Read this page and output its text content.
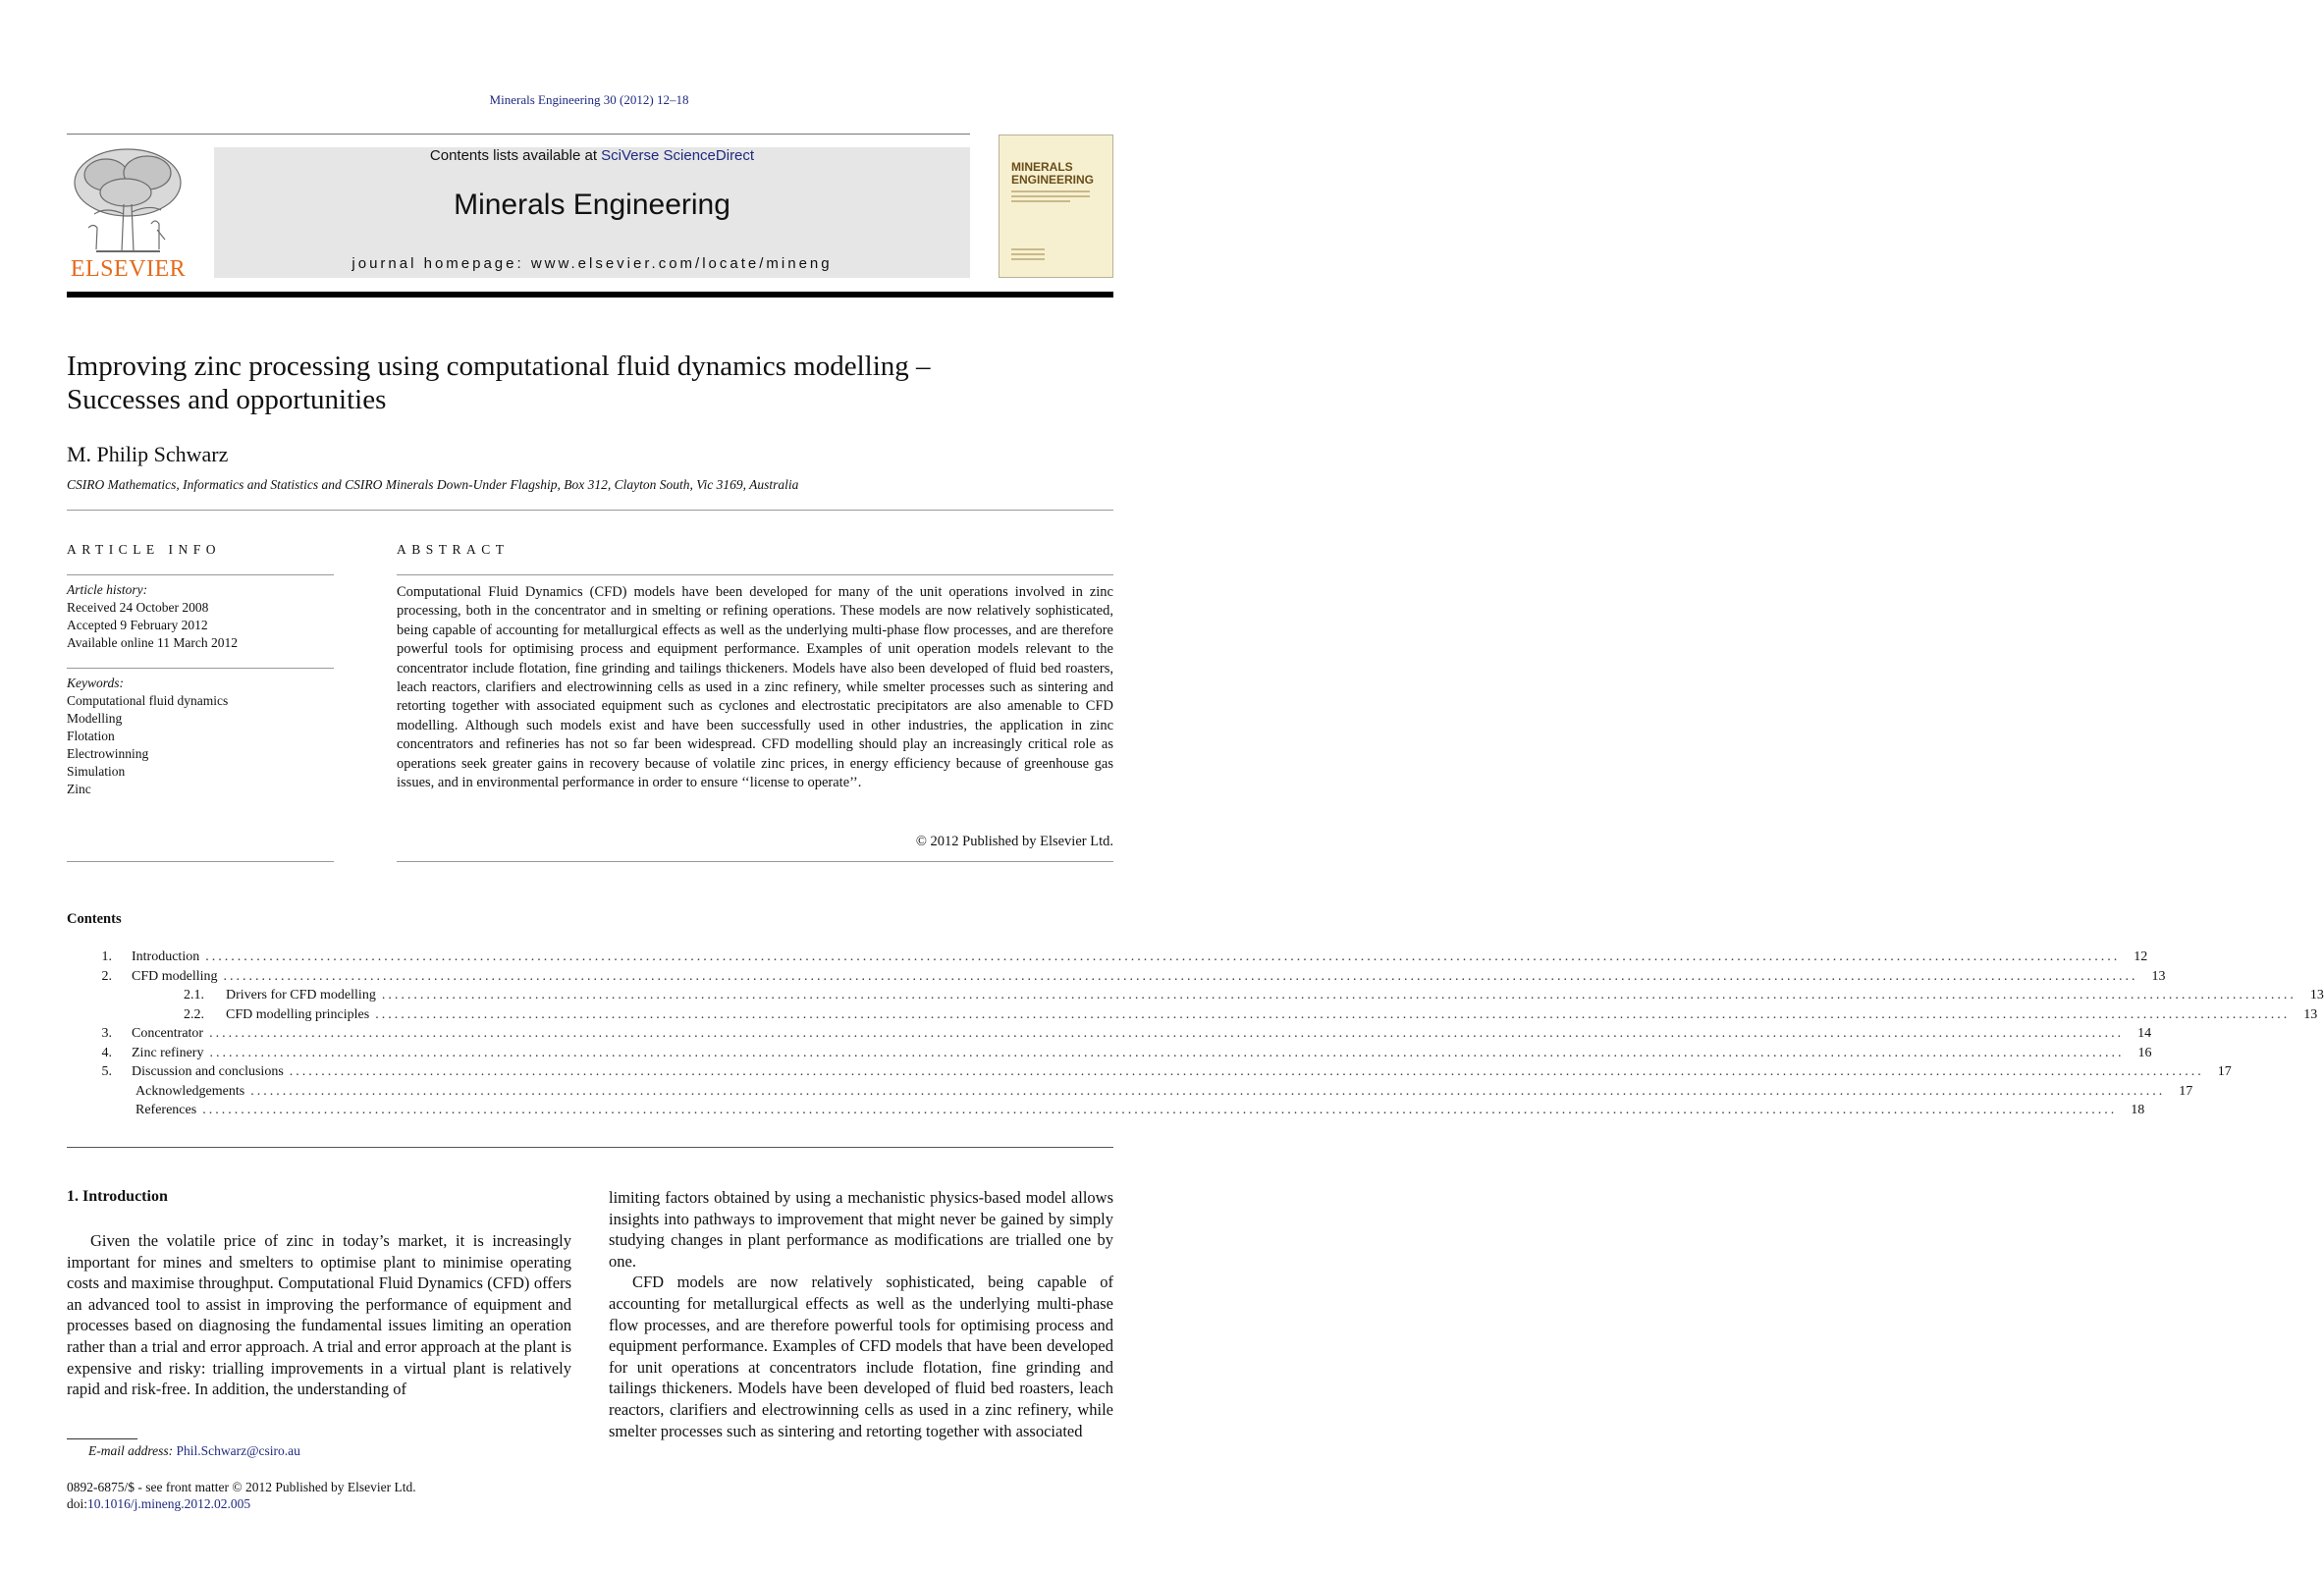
Minerals Engineering 30 (2012) 12–18
ELSEVIER
Contents lists available at SciVerse ScienceDirect
Minerals Engineering
journal homepage: www.elsevier.com/locate/mineng
MINERALS ENGINEERING
Improving zinc processing using computational fluid dynamics modelling –
Successes and opportunities
M. Philip Schwarz
CSIRO Mathematics, Informatics and Statistics and CSIRO Minerals Down-Under Flagship, Box 312, Clayton South, Vic 3169, Australia
ARTICLE INFO
Article history:
Received 24 October 2008
Accepted 9 February 2012
Available online 11 March 2012
Keywords:
Computational fluid dynamics
Modelling
Flotation
Electrowinning
Simulation
Zinc
ABSTRACT
Computational Fluid Dynamics (CFD) models have been developed for many of the unit operations involved in zinc processing, both in the concentrator and in smelting or refining operations. These models are now relatively sophisticated, being capable of accounting for metallurgical effects as well as the underlying multi-phase flow processes, and are therefore powerful tools for optimising process and equipment performance. Examples of unit operation models relevant to the concentrator include flotation, fine grinding and tailings thickeners. Models have also been developed of fluid bed roasters, leach reactors, clarifiers and electrowinning cells as used in a zinc refinery, while smelter processes such as sintering and retorting together with associated equipment such as cyclones and electrostatic precipitators are also amenable to CFD modelling. Although such models exist and have been successfully used in other industries, the application in zinc concentrators and refineries has not so far been widespread. CFD modelling should play an increasingly critical role as operations seek greater gains in recovery because of volatile zinc prices, in energy efficiency because of greenhouse gas issues, and in environmental performance in order to ensure ‘‘license to operate’’.
© 2012 Published by Elsevier Ltd.
Contents
1.	Introduction ............................................................................................................................................................................................................................................................................................................	12
2.	CFD modelling ............................................................................................................................................................................................................................................................................................................	13
2.1.	Drivers for CFD modelling ............................................................................................................................................................................................................................................................................................................	13
2.2.	CFD modelling principles ............................................................................................................................................................................................................................................................................................................	13
3.	Concentrator ............................................................................................................................................................................................................................................................................................................	14
4.	Zinc refinery ............................................................................................................................................................................................................................................................................................................	16
5.	Discussion and conclusions ............................................................................................................................................................................................................................................................................................................	17
Acknowledgements ............................................................................................................................................................................................................................................................................................................	17
References ............................................................................................................................................................................................................................................................................................................	18
1. Introduction

Given the volatile price of zinc in today’s market, it is increasingly important for mines and smelters to optimise plant to minimise operating costs and maximise throughput. Computational Fluid Dynamics (CFD) offers an advanced tool to assist in improving the performance of equipment and processes based on diagnosing the fundamental issues limiting an operation rather than a trial and error approach. A trial and error approach at the plant is expensive and risky: trialling improvements in a virtual plant is relatively rapid and risk-free. In addition, the understanding of

limiting factors obtained by using a mechanistic physics-based model allows insights into pathways to improvement that might never be gained by simply studying changes in plant performance as modifications are trialled one by one.

CFD models are now relatively sophisticated, being capable of accounting for metallurgical effects as well as the underlying multi-phase flow processes, and are therefore powerful tools for optimising process and equipment performance. Examples of CFD models that have been developed for unit operations at concentrators include flotation, fine grinding and tailings thickeners. Models have been developed of fluid bed roasters, leach reactors, clarifiers and electrowinning cells as used in a zinc refinery, while smelter processes such as sintering and retorting together with associated

E-mail address: Phil.Schwarz@csiro.au
0892-6875/$ - see front matter © 2012 Published by Elsevier Ltd.
doi:10.1016/j.mineng.2012.02.005
